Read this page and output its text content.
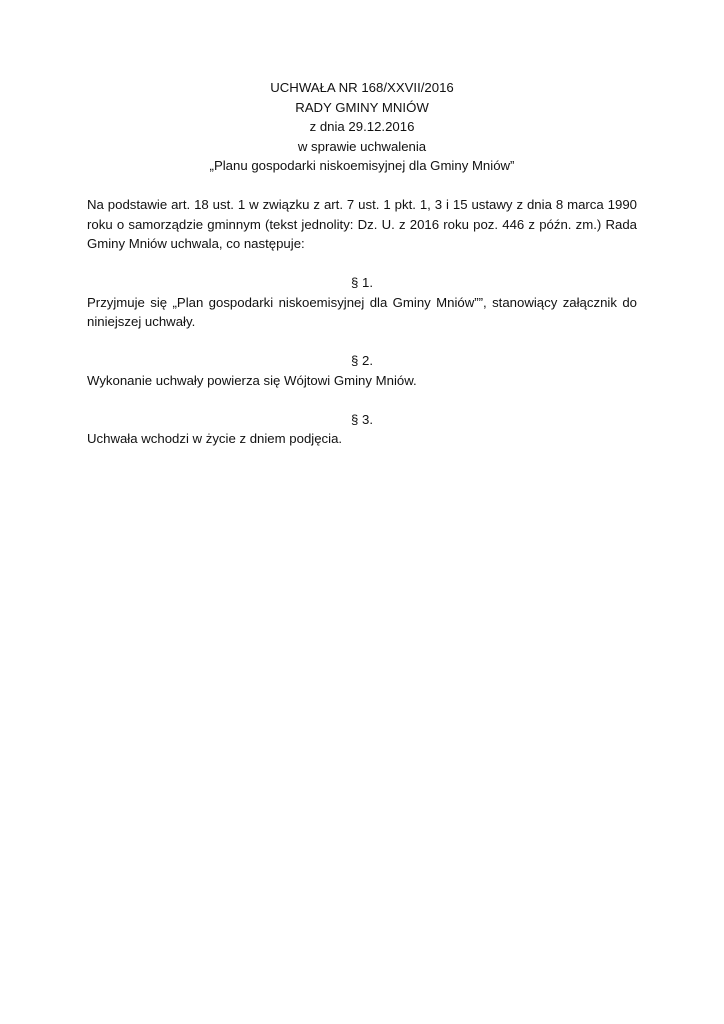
UCHWAŁA NR 168/XXVII/2016
RADY GMINY MNIÓW
z dnia 29.12.2016
w sprawie uchwalenia
„Planu gospodarki niskoemisyjnej dla Gminy Mniów”

Na podstawie art. 18 ust. 1 w związku z art. 7 ust. 1 pkt. 1, 3 i 15 ustawy z dnia 8 marca 1990 roku o samorządzie gminnym (tekst jednolity: Dz. U. z 2016 roku poz. 446 z późn. zm.) Rada Gminy Mniów uchwala, co następuje:

§ 1.

Przyjmuje się „Plan gospodarki niskoemisyjnej dla Gminy Mniów””, stanowiący załącznik do niniejszej uchwały.

§ 2.

Wykonanie uchwały powierza się Wójtowi Gminy Mniów.

§ 3.

Uchwała wchodzi w życie z dniem podjęcia.
